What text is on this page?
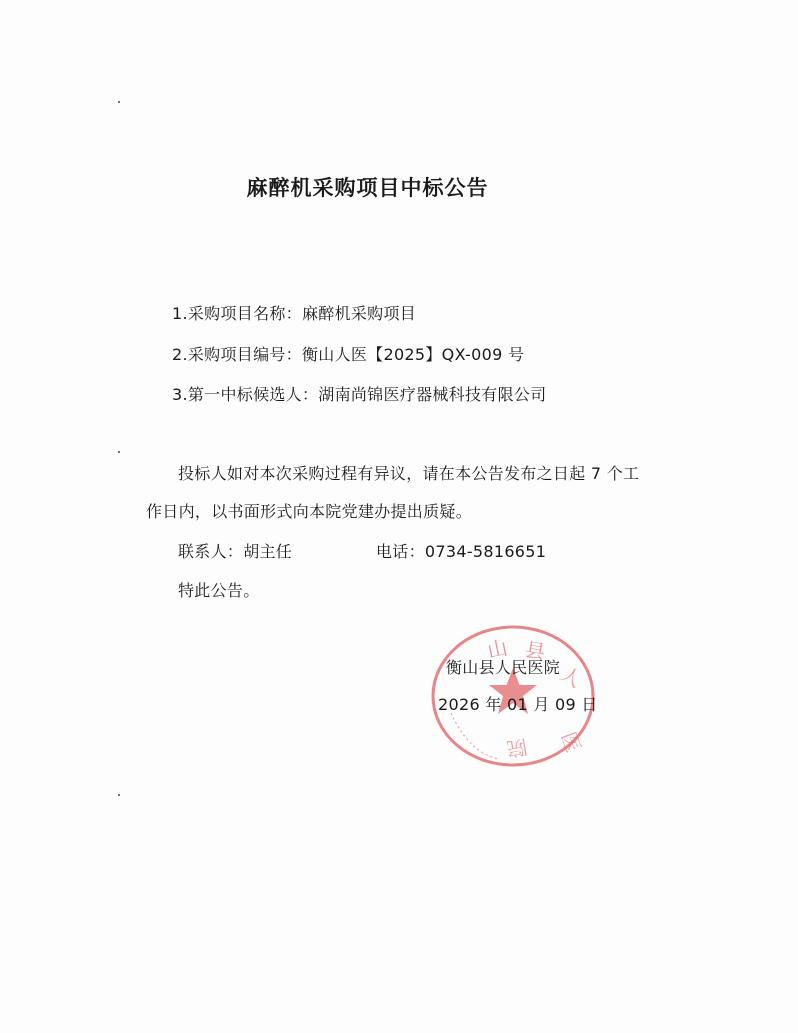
麻醉机采购项目中标公告
1.采购项目名称：麻醉机采购项目
2.采购项目编号：衡山人医【2025】QX-009 号
3.第一中标候选人：湖南尚锦医疗器械科技有限公司
投标人如对本次采购过程有异议，请在本公告发布之日起 7 个工
作日内，以书面形式向本院党建办提出质疑。
联系人：胡主任	电话：0734-5816651
特此公告。
山 县
人
医
院
衡山县人民医院
2026 年 01 月 09 日
